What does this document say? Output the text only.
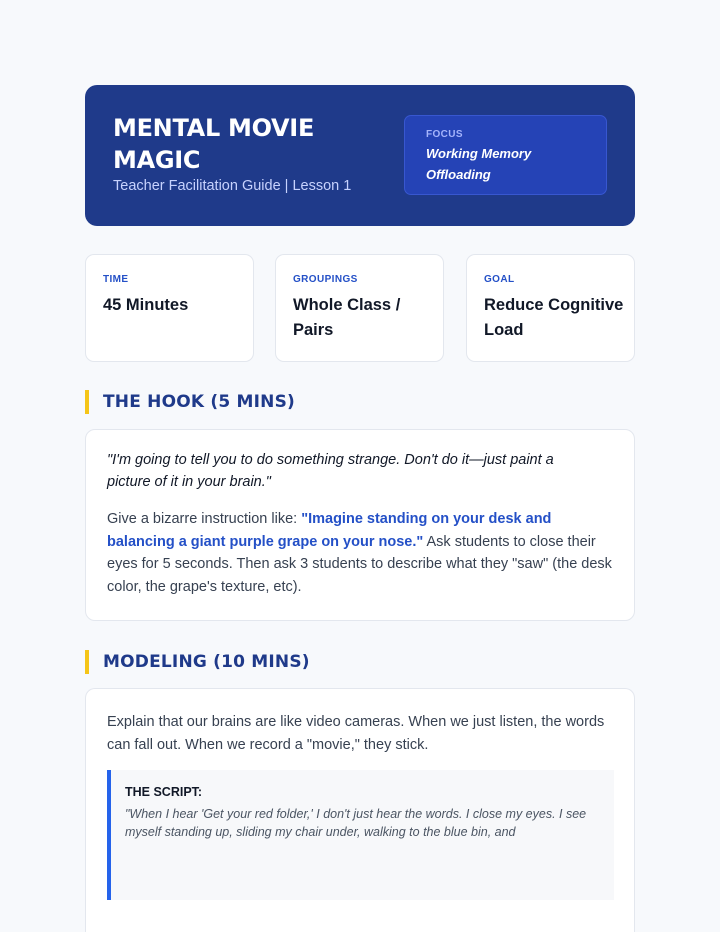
MENTAL MOVIE MAGIC
Teacher Facilitation Guide | Lesson 1
FOCUS
Working Memory Offloading
TIME
45 Minutes
GROUPINGS
Whole Class / Pairs
GOAL
Reduce Cognitive Load
THE HOOK (5 MINS)
"I'm going to tell you to do something strange. Don't do it—just paint a picture of it in your brain."
Give a bizarre instruction like: "Imagine standing on your desk and balancing a giant purple grape on your nose." Ask students to close their eyes for 5 seconds. Then ask 3 students to describe what they "saw" (the desk color, the grape's texture, etc).
MODELING (10 MINS)
Explain that our brains are like video cameras. When we just listen, the words can fall out. When we record a "movie," they stick.
THE SCRIPT:
"When I hear 'Get your red folder,' I don't just hear the words. I close my eyes. I see myself standing up, sliding my chair under, walking to the blue bin, and
